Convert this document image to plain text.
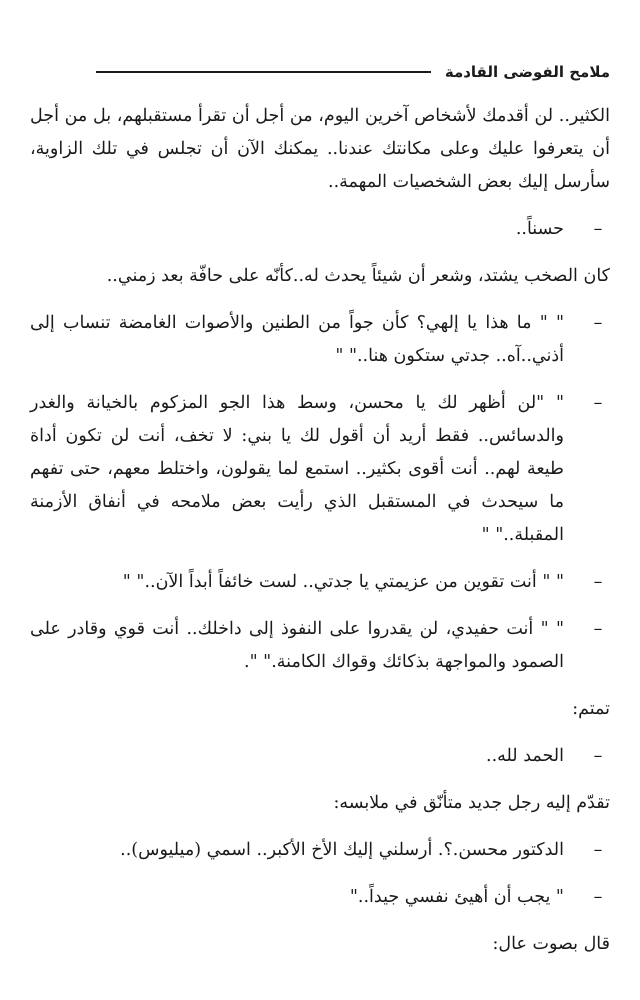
ملامح الفوضى القادمة

الكثير.. لن أقدمك لأشخاص آخرين اليوم، من أجل أن تقرأ مستقبلهم، بل من أجل أن يتعرفوا عليك وعلى مكانتك عندنا.. يمكنك الآن أن تجلس في تلك الزاوية، سأرسل إليك بعض الشخصيات المهمة..

–
حسناً..

كان الصخب يشتد، وشعر أن شيئاً يحدث له..كأنّه على حافّة بعد زمني..

–
" " ما هذا يا إلهي؟ كأن جواً من الطنين والأصوات الغامضة تنساب إلى أذني..آه.. جدتي ستكون هنا.." "
–
" "لن أظهر لك يا محسن، وسط هذا الجو المزكوم بالخيانة والغدر والدسائس.. فقط أريد أن أقول لك يا بني: لا تخف، أنت لن تكون أداة طيعة لهم.. أنت أقوى بكثير.. استمع لما يقولون، واختلط معهم، حتى تفهم ما سيحدث في المستقبل الذي رأيت بعض ملامحه في أنفاق الأزمنة المقبلة.." "
–
" " أنت تقوين من عزيمتي يا جدتي.. لست خائفاً أبداً الآن.." "
–
" " أنت حفيدي، لن يقدروا على النفوذ إلى داخلك.. أنت قوي وقادر على الصمود والمواجهة بذكائك وقواك الكامنة." ".

تمتم:

–
الحمد لله..

تقدّم إليه رجل جديد متأنّق في ملابسه:

–
الدكتور محسن.؟. أرسلني إليك الأخ الأكبر.. اسمي (ميليوس)..
–
" يجب أن أهيئ نفسي جيداً.."

قال بصوت عال:
